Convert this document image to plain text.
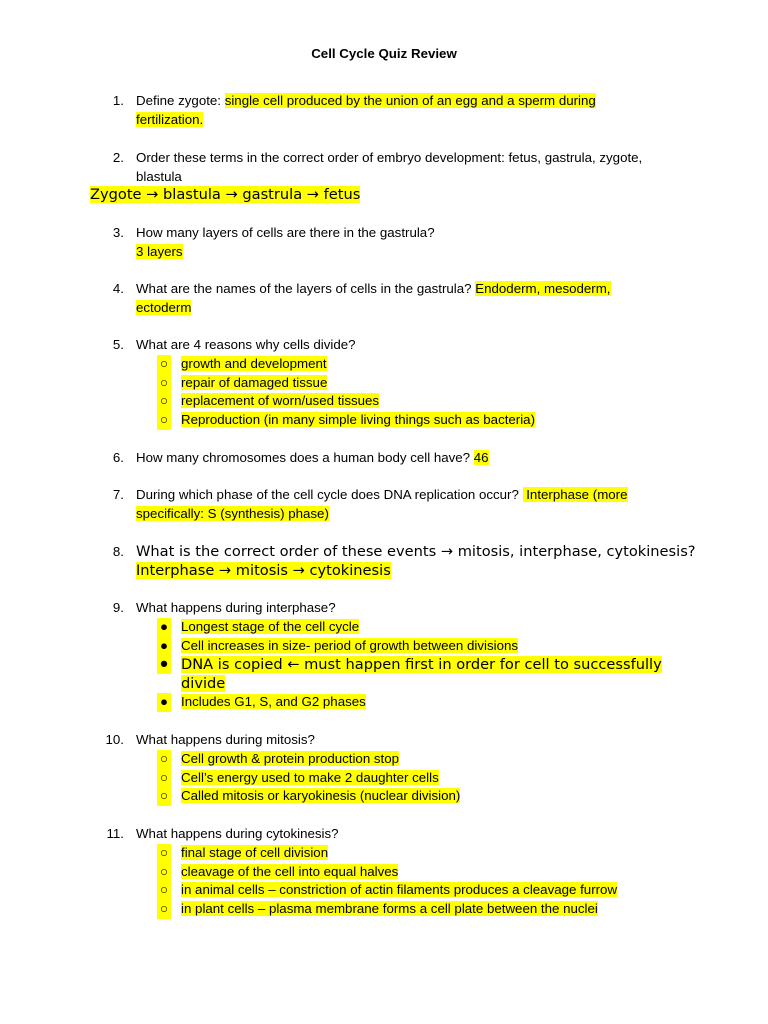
Cell Cycle Quiz Review
1. Define zygote: single cell produced by the union of an egg and a sperm during
fertilization.
2. Order these terms in the correct order of embryo development: fetus, gastrula, zygote,
blastula
Zygote → blastula → gastrula → fetus
3. How many layers of cells are there in the gastrula?
3 layers
4. What are the names of the layers of cells in the gastrula? Endoderm, mesoderm,
ectoderm
5. What are 4 reasons why cells divide?
○ growth and development
○ repair of damaged tissue
○ replacement of worn/used tissues
○ Reproduction (in many simple living things such as bacteria)
6. How many chromosomes does a human body cell have? 46
7. During which phase of the cell cycle does DNA replication occur?  Interphase (more
specifically: S (synthesis) phase)
8. What is the correct order of these events → mitosis, interphase, cytokinesis?
Interphase → mitosis → cytokinesis
9. What happens during interphase?
● Longest stage of the cell cycle
● Cell increases in size- period of growth between divisions
● DNA is copied ← must happen first in order for cell to successfully
divide
● Includes G1, S, and G2 phases
10. What happens during mitosis?
○ Cell growth & protein production stop
○ Cell’s energy used to make 2 daughter cells
○ Called mitosis or karyokinesis (nuclear division)
11. What happens during cytokinesis?
○ final stage of cell division
○ cleavage of the cell into equal halves
○ in animal cells – constriction of actin filaments produces a cleavage furrow
○ in plant cells – plasma membrane forms a cell plate between the nuclei
